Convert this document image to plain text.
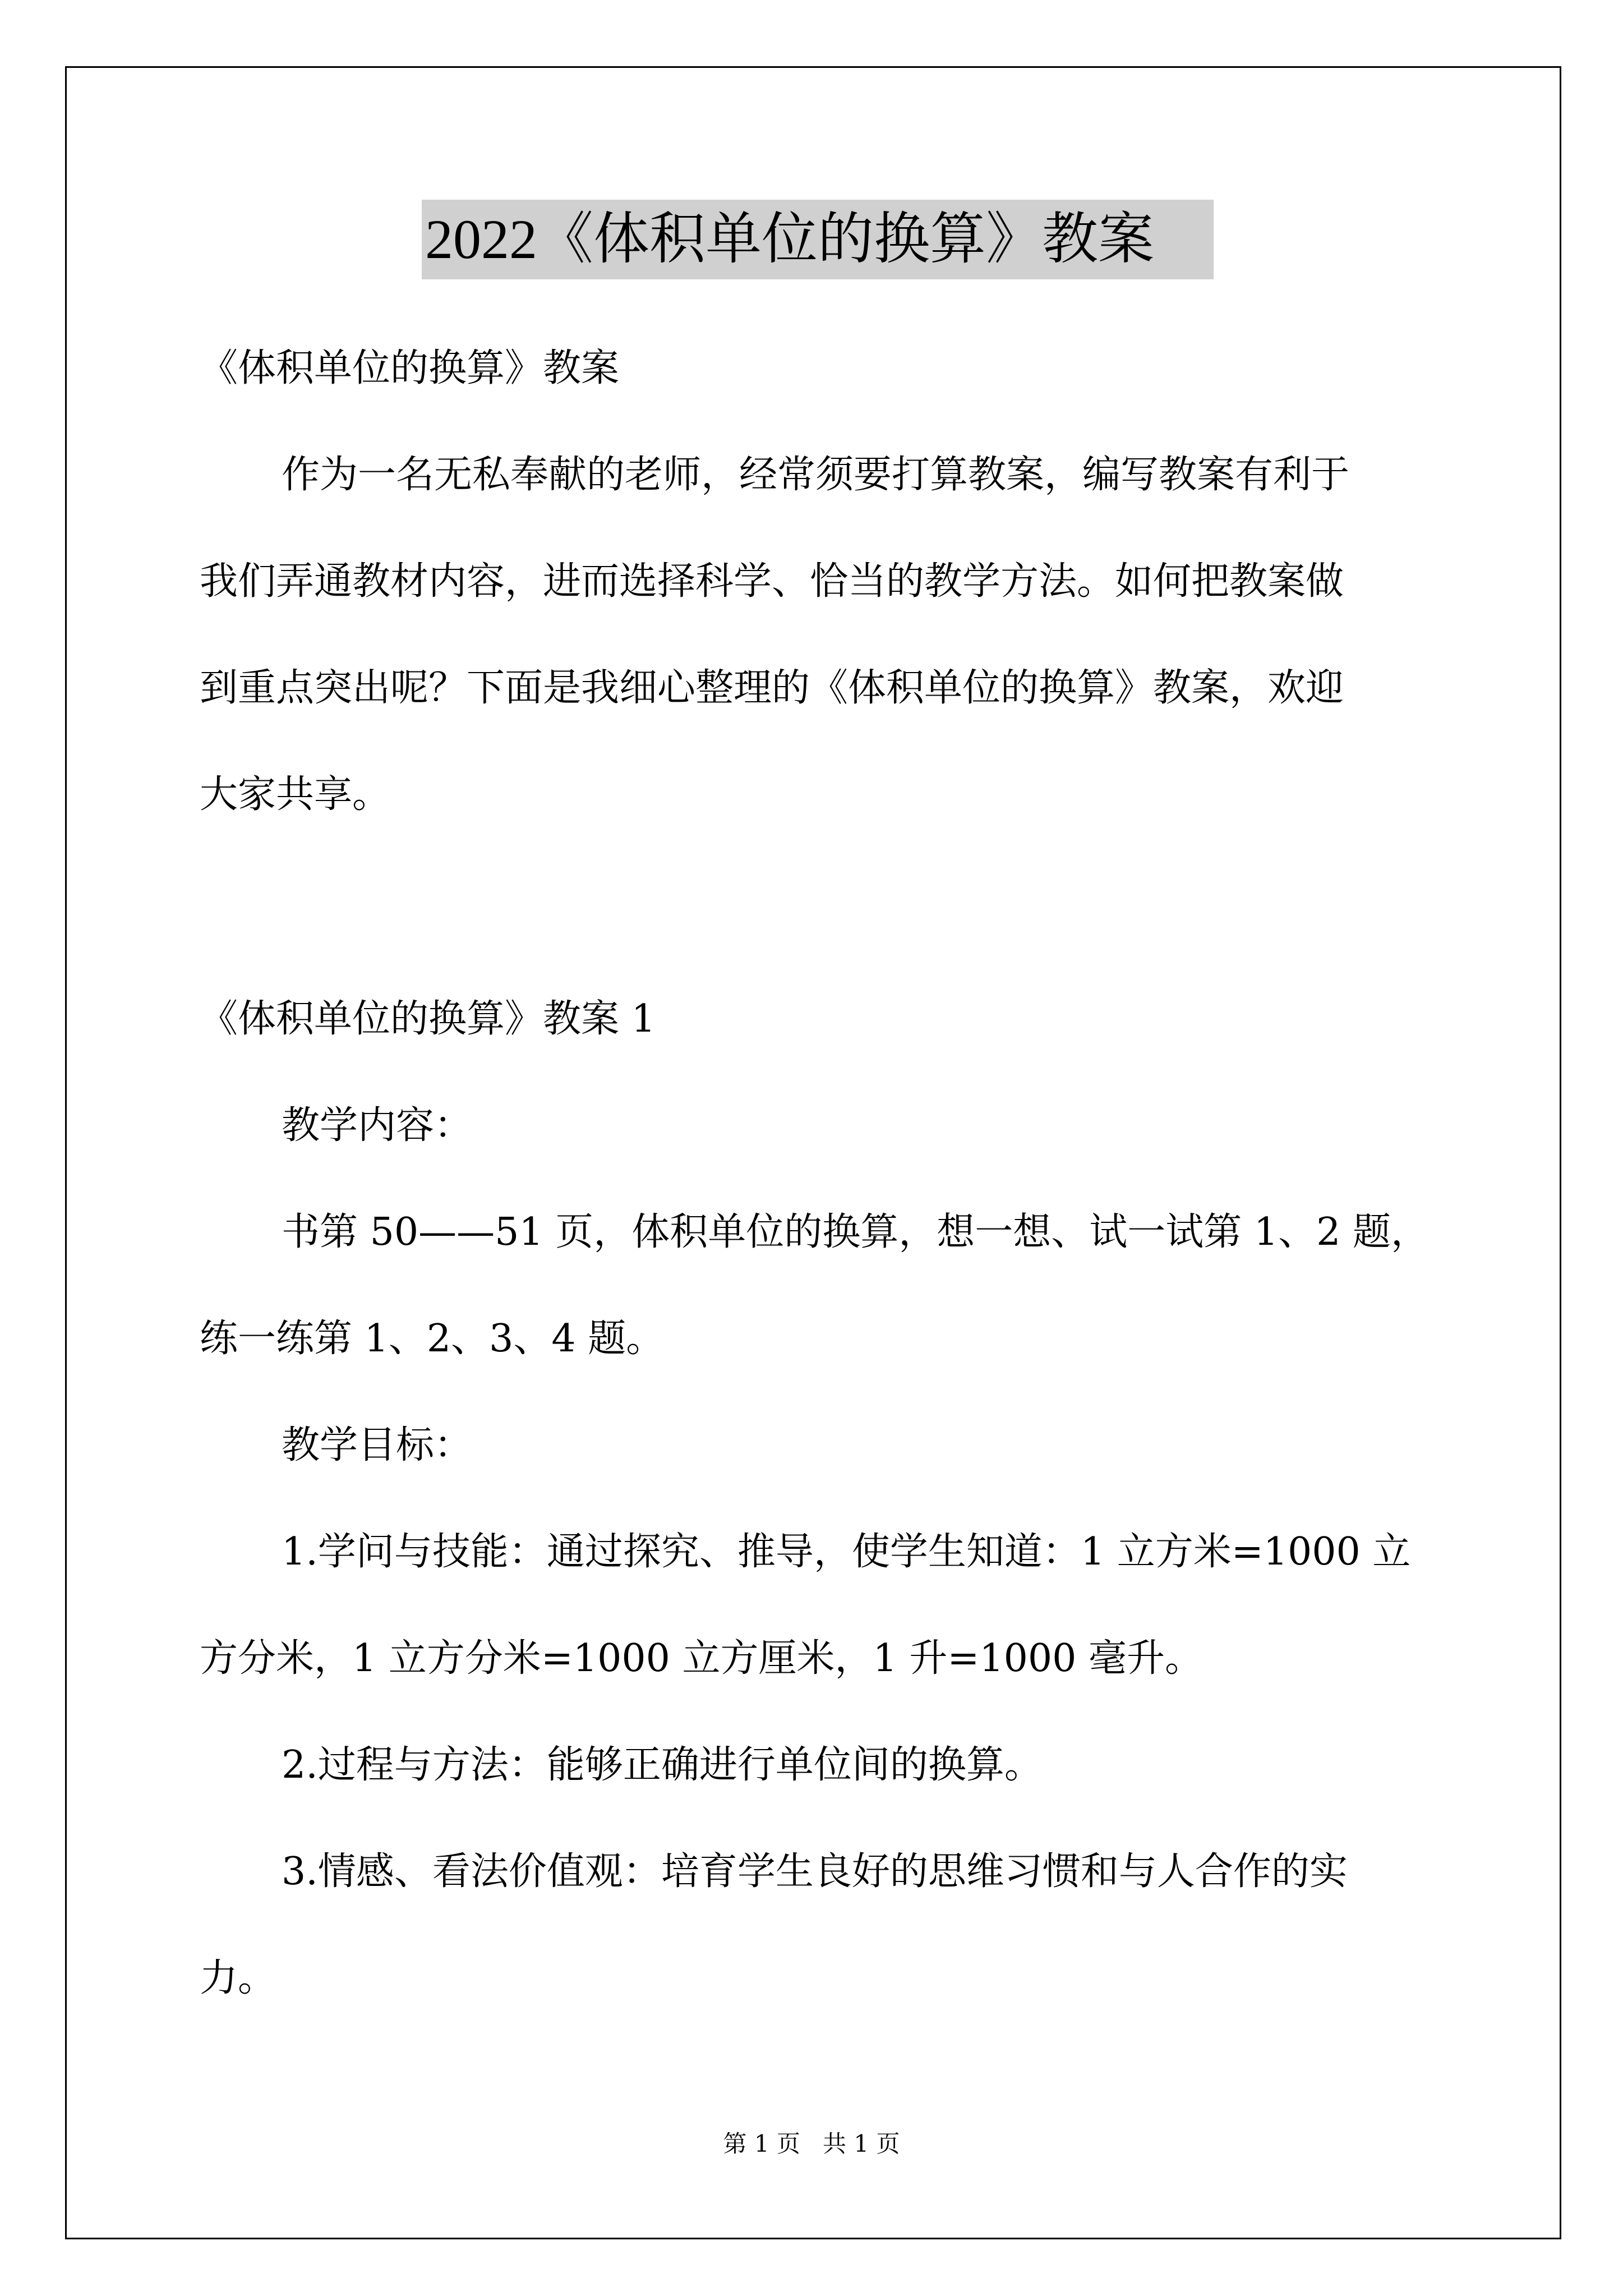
2022《体积单位的换算》教案

《体积单位的换算》教案

作为一名无私奉献的老师，经常须要打算教案，编写教案有利于
我们弄通教材内容，进而选择科学、恰当的教学方法。如何把教案做
到重点突出呢？下面是我细心整理的《体积单位的换算》教案，欢迎
大家共享。

《体积单位的换算》教案 1

教学内容：

书第 50——51 页，体积单位的换算，想一想、试一试第 1、2 题，
练一练第 1、2、3、4 题。

教学目标：

1.学问与技能：通过探究、推导，使学生知道：1 立方米=1000 立
方分米，1 立方分米=1000 立方厘米，1 升=1000 毫升。

2.过程与方法：能够正确进行单位间的换算。

3.情感、看法价值观：培育学生良好的思维习惯和与人合作的实
力。

第 1 页   共 1 页
